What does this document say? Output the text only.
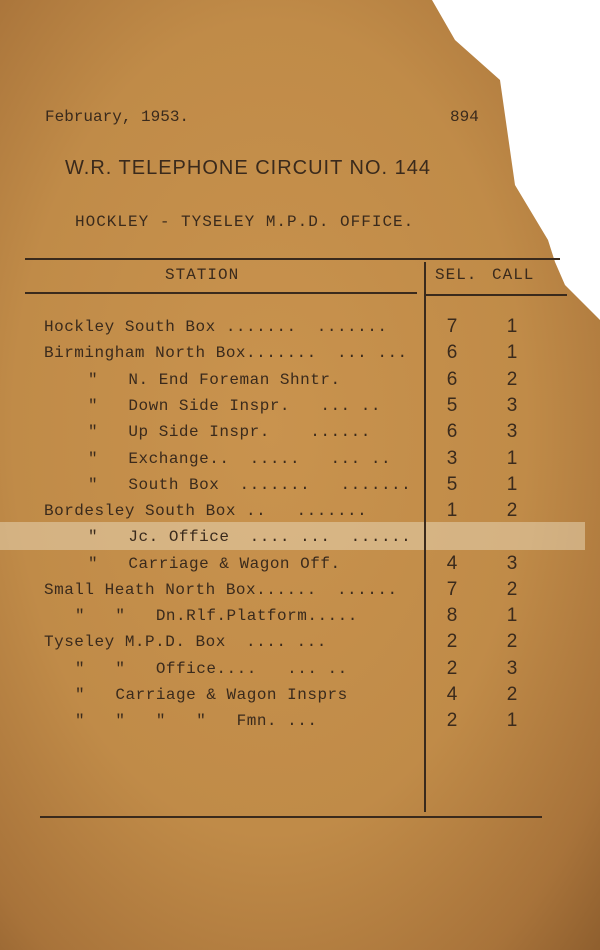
February, 1953.	894
W.R. TELEPHONE CIRCUIT NO. 144
HOCKLEY - TYSELEY M.P.D. OFFICE.
STATION	SEL. CALL
Hockley South Box .......  .......	7	1
Birmingham North Box.......  ... ... 6	1
"   N. End Foreman Shntr.	6	2
"   Down Side Inspr.   ... ..	5	3
"   Up Side Inspr.    ......	6	3
"   Exchange..  .....   ... ..	3	1
"   South Box  .......   ....... 5	1
Bordesley South Box ..   .......	1	2
"   Jc. Office  .... ...  ......
"   Carriage & Wagon Off.	4	3
Small Heath North Box......  ......	7	2
"   "   Dn.Rlf.Platform.....	8	1
Tyseley M.P.D. Box  .... ...	2	2
"   "   Office....   ... ..	2	3
"   Carriage & Wagon Insprs	4	2
"   "   "   "   Fmn. ...	2	1
